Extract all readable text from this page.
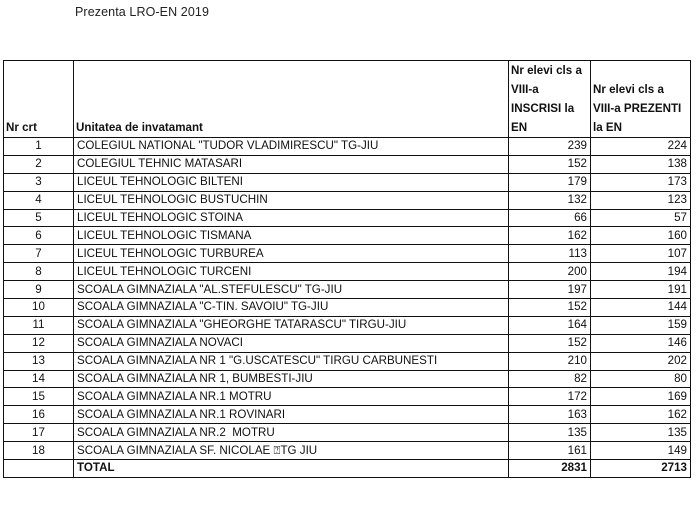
Prezenta LRO-EN 2019
Nr crt	Unitatea de invatamant	Nr elevi cls a VIII-a INSCRISI la EN	Nr elevi cls a VIII-a PREZENTI la EN
1	COLEGIUL NATIONAL "TUDOR VLADIMIRESCU" TG-JIU	239	224
2	COLEGIUL TEHNIC MATASARI	152	138
3	LICEUL TEHNOLOGIC BILTENI	179	173
4	LICEUL TEHNOLOGIC BUSTUCHIN	132	123
5	LICEUL TEHNOLOGIC STOINA	66	57
6	LICEUL TEHNOLOGIC TISMANA	162	160
7	LICEUL TEHNOLOGIC TURBUREA	113	107
8	LICEUL TEHNOLOGIC TURCENI	200	194
9	SCOALA GIMNAZIALA "AL.STEFULESCU" TG-JIU	197	191
10	SCOALA GIMNAZIALA "C-TIN. SAVOIU" TG-JIU	152	144
11	SCOALA GIMNAZIALA "GHEORGHE TATARASCU" TIRGU-JIU	164	159
12	SCOALA GIMNAZIALA NOVACI	152	146
13	SCOALA GIMNAZIALA NR 1 "G.USCATESCU" TIRGU CARBUNESTI	210	202
14	SCOALA GIMNAZIALA NR 1, BUMBESTI-JIU	82	80
15	SCOALA GIMNAZIALA NR.1 MOTRU	172	169
16	SCOALA GIMNAZIALA NR.1 ROVINARI	163	162
17	SCOALA GIMNAZIALA NR.2  MOTRU	135	135
18	SCOALA GIMNAZIALA SF. NICOLAE ⍰TG JIU	161	149
	TOTAL	2831	2713
